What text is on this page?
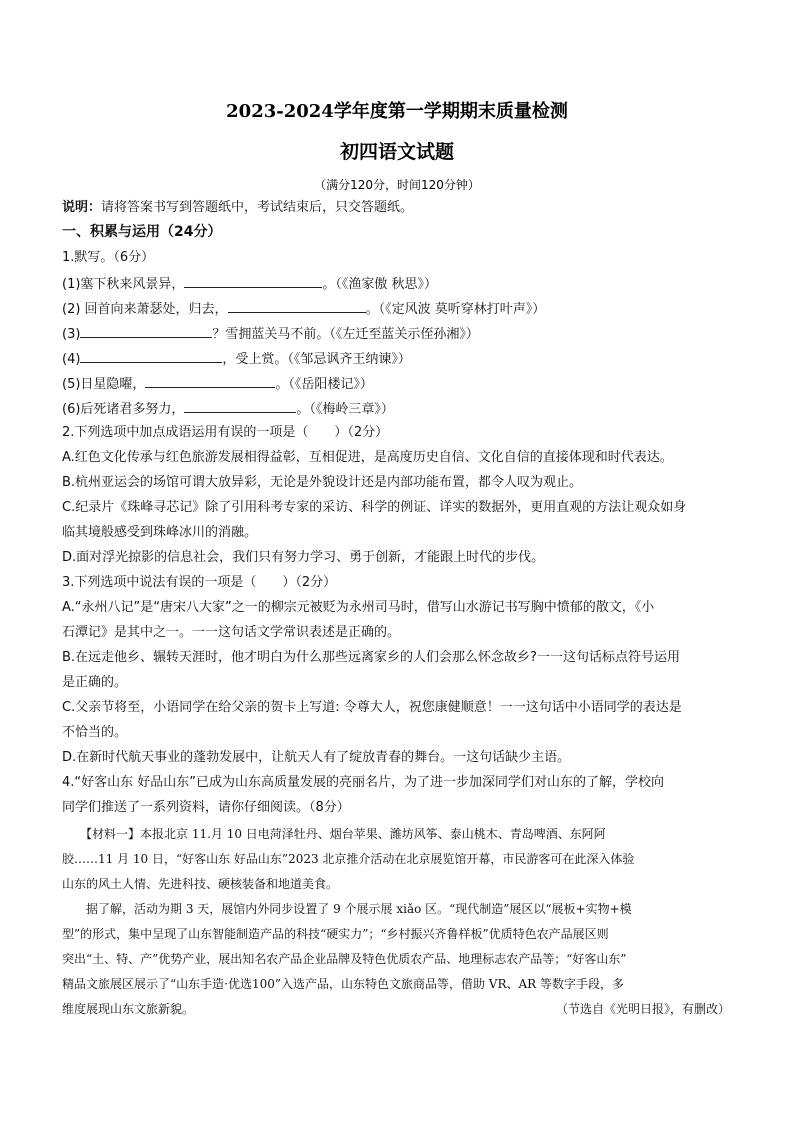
2023-2024学年度第一学期期末质量检测
初四语文试题
（满分120分，时间120分钟）
说明：请将答案书写到答题纸中，考试结束后，只交答题纸。
一、积累与运用（24分）
1.默写。（6分）
(1)塞下秋来风景异，	。（《渔家傲 秋思》）
(2) 回首向来萧瑟处，归去，	。（《定风波 莫听穿林打叶声》）
(3)	？雪拥蓝关马不前。（《左迁至蓝关示侄孙湘》）
(4)	，受上赏。（《邹忌讽齐王纳谏》）
(5)日星隐曜，	。（《岳阳楼记》）
(6)后死诸君多努力，	。（《梅岭三章》）
2.下列选项中加点成语运用有误的一项是（　　）（2分）
A.红色文化传承与红色旅游发展相得益彰，互相促进，是高度历史自信、文化自信的直接体现和时代表达。
B.杭州亚运会的场馆可谓大放异彩，无论是外貌设计还是内部功能布置，都令人叹为观止。
C.纪录片《珠峰寻芯记》除了引用科考专家的采访、科学的例证、详实的数据外，更用直观的方法让观众如身
临其境般感受到珠峰冰川的消融。
D.面对浮光掠影的信息社会，我们只有努力学习、勇于创新，才能跟上时代的步伐。
3.下列选项中说法有误的一项是（　　）（2分）
A.“永州八记”是“唐宋八大家”之一的柳宗元被贬为永州司马时，借写山水游记书写胸中愤郁的散文，《小
石潭记》是其中之一。一一这句话文学常识表述是正确的。
B.在远走他乡、辗转天涯时，他才明白为什么那些远离家乡的人们会那么怀念故乡?一一这句话标点符号运用
是正确的。
C.父亲节将至，小语同学在给父亲的贺卡上写道: 令尊大人，祝您康健顺意！一一这句话中小语同学的表达是
不恰当的。
D.在新时代航天事业的蓬勃发展中，让航天人有了绽放青春的舞台。一这句话缺少主语。
4.“好客山东 好品山东”已成为山东高质量发展的亮丽名片，为了进一步加深同学们对山东的了解，学校向
同学们推送了一系列资料，请你仔细阅读。（8分）
　　【材料一】本报北京 11.月 10 日电菏泽牡丹、烟台苹果、潍坊风筝、泰山桃木、青岛啤酒、东阿阿
胶……11 月 10 日，“好客山东 好品山东”2023 北京推介活动在北京展览馆开幕，市民游客可在此深入体验
山东的风土人情、先进科技、硬核装备和地道美食。
　　据了解，活动为期 3 天，展馆内外同步设置了 9 个展示展 xiǎo 区。“现代制造”展区以“展板+实物+模
型”的形式，集中呈现了山东智能制造产品的科技“硬实力”；“乡村振兴齐鲁样板”优质特色农产品展区则
突出“土、特、产”优势产业，展出知名农产品企业品牌及特色优质农产品、地理标志农产品等；“好客山东”
精品文旅展区展示了“山东手造·优选100”入选产品，山东特色文旅商品等，借助 VR、AR 等数字手段，多
维度展现山东文旅新貌。	（节选自《光明日报》，有删改）
